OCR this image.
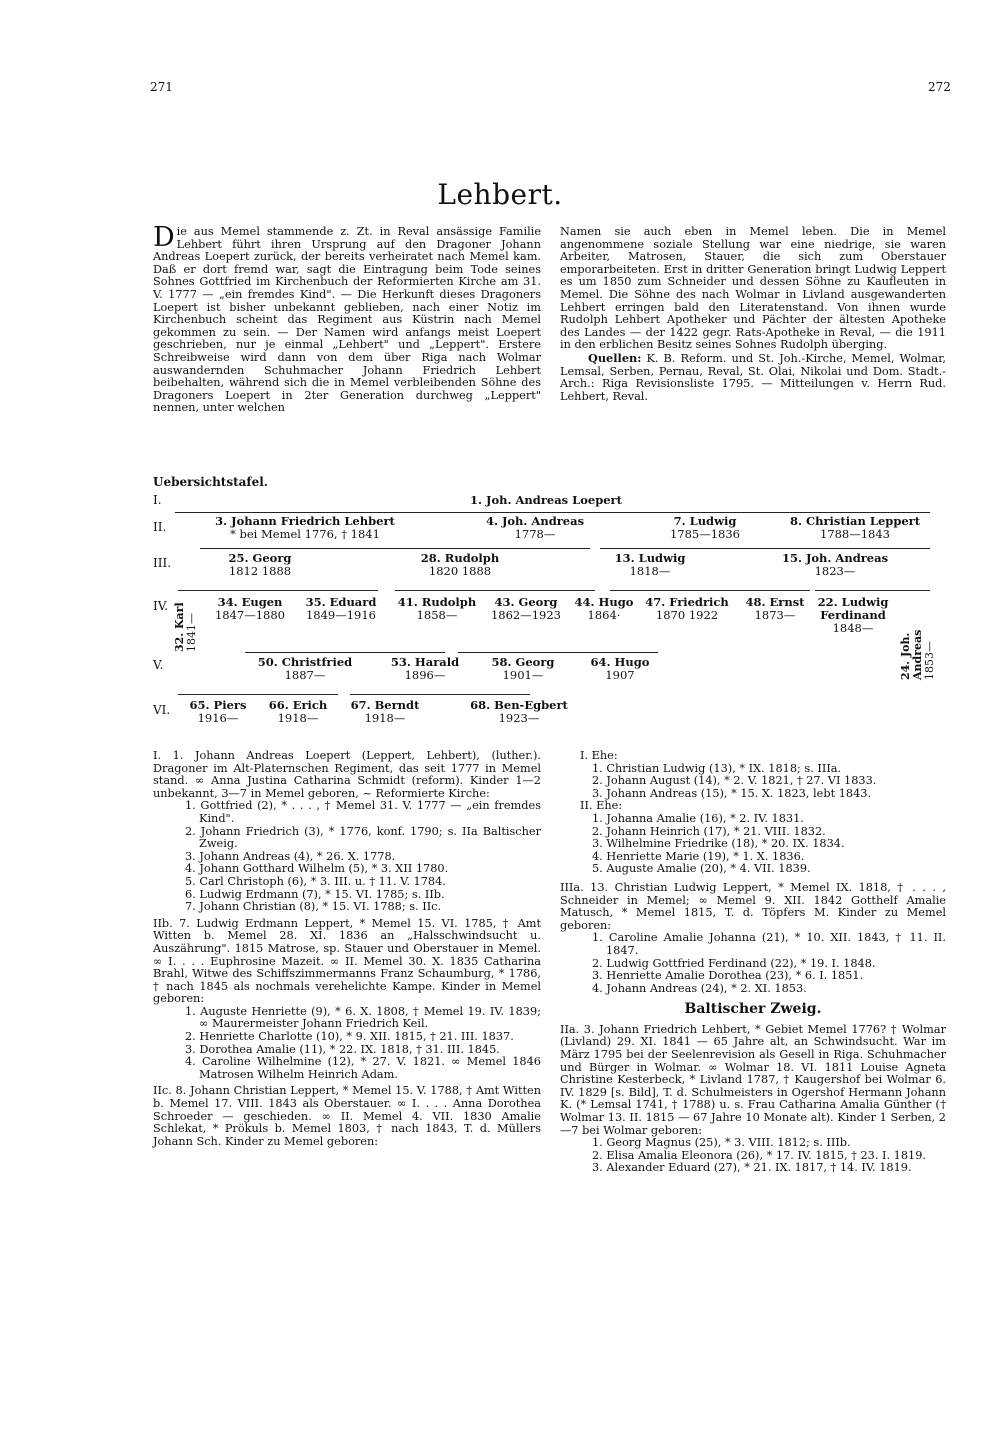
271	272
Lehbert.

Die aus Memel stammende z. Zt. in Reval ansässige Familie Lehbert führt ihren Ursprung auf den Dragoner Johann Andreas Loepert zurück, der bereits verheiratet nach Memel kam. Daß er dort fremd war, sagt die Eintragung beim Tode seines Sohnes Gottfried im Kirchenbuch der Reformierten Kirche am 31. V. 1777 — „ein fremdes Kind". — Die Herkunft dieses Dragoners Loepert ist bisher unbekannt geblieben, nach einer Notiz im Kirchenbuch scheint das Regiment aus Küstrin nach Memel gekommen zu sein. — Der Namen wird anfangs meist Loepert geschrieben, nur je einmal „Lehbert" und „Leppert". Erstere Schreibweise wird dann von dem über Riga nach Wolmar auswandernden Schuhmacher Johann Friedrich Lehbert beibehalten, während sich die in Memel verbleibenden Söhne des Dragoners Loepert in 2ter Generation durchweg „Leppert" nennen, unter welchen

Namen sie auch eben in Memel leben. Die in Memel angenommene soziale Stellung war eine niedrige, sie waren Arbeiter, Matrosen, Stauer, die sich zum Oberstauer emporarbeiteten. Erst in dritter Generation bringt Ludwig Leppert es um 1850 zum Schneider und dessen Söhne zu Kaufleuten in Memel. Die Söhne des nach Wolmar in Livland ausgewanderten Lehbert erringen bald den Literatenstand. Von ihnen wurde Rudolph Lehbert Apotheker und Pächter der ältesten Apotheke des Landes — der 1422 gegr. Rats-Apotheke in Reval, — die 1911 in den erblichen Besitz seines Sohnes Rudolph überging.

Quellen: K. B. Reform. und St. Joh.-Kirche, Memel, Wolmar, Lemsal, Serben, Pernau, Reval, St. Olai, Nikolai und Dom. Stadt.-Arch.: Riga Revisionsliste 1795. — Mitteilungen v. Herrn Rud. Lehbert, Reval.

Uebersichtstafel.
I.
II.
III.
IV.
V.
VI.
1. Joh. Andreas Loepert
3. Johann Friedrich Lehbert
* bei Memel 1776, † 1841
4. Joh. Andreas
1778—
7. Ludwig
1785—1836
8. Christian Leppert
1788—1843
25. Georg
1812 1888
28. Rudolph
1820 1888
13. Ludwig
1818—
15. Joh. Andreas
1823—
32. Karl 1841—
34. Eugen
1847—1880
35. Eduard
1849—1916
41. Rudolph
1858—
43. Georg
1862—1923
44. Hugo
1864·
47. Friedrich
1870 1922
48. Ernst
1873—
22. Ludwig Ferdinand
1848—
24. Joh. Andreas 1853—
50. Christfried
1887—
53. Harald
1896—
58. Georg
1901—
64. Hugo
1907
65. Piers
1916—
66. Erich
1918—
67. Berndt
1918—
68. Ben-Egbert
1923—

I. 1. Johann Andreas Loepert (Leppert, Lehbert), (luther.). Dragoner im Alt-Platernschen Regiment, das seit 1777 in Memel stand. ∞ Anna Justina Catharina Schmidt (reform). Kinder 1—2 unbekannt, 3—7 in Memel geboren, ~ Reformierte Kirche:

1. Gottfried (2), * . . . , † Memel 31. V. 1777 — „ein fremdes Kind".

2. Johann Friedrich (3), * 1776, konf. 1790; s. IIa Baltischer Zweig.

3. Johann Andreas (4), * 26. X. 1778.

4. Johann Gotthard Wilhelm (5), * 3. XII 1780.

5. Carl Christoph (6), * 3. III. u. † 11. V. 1784.

6. Ludwig Erdmann (7), * 15. VI. 1785; s. IIb.

7. Johann Christian (8), * 15. VI. 1788; s. IIc.

IIb. 7. Ludwig Erdmann Leppert, * Memel 15. VI. 1785, † Amt Witten b. Memel 28. XI. 1836 an „Halsschwindsucht u. Auszährung". 1815 Matrose, sp. Stauer und Oberstauer in Memel. ∞ I. . . . Euphrosine Mazeit. ∞ II. Memel 30. X. 1835 Catharina Brahl, Witwe des Schiffszimmermanns Franz Schaumburg, * 1786, † nach 1845 als nochmals verehelichte Kampe. Kinder in Memel geboren:

1. Auguste Henriette (9), * 6. X. 1808, † Memel 19. IV. 1839; ∞ Maurermeister Johann Friedrich Keil.

2. Henriette Charlotte (10), * 9. XII. 1815, † 21. III. 1837.

3. Dorothea Amalie (11), * 22. IX. 1818, † 31. III. 1845.

4. Caroline Wilhelmine (12), * 27. V. 1821. ∞ Memel 1846 Matrosen Wilhelm Heinrich Adam.

IIc. 8. Johann Christian Leppert, * Memel 15. V. 1788, † Amt Witten b. Memel 17. VIII. 1843 als Oberstauer. ∞ I. . . . Anna Dorothea Schroeder — geschieden. ∞ II. Memel 4. VII. 1830 Amalie Schlekat, * Prökuls b. Memel 1803, † nach 1843, T. d. Müllers Johann Sch. Kinder zu Memel geboren:

I. Ehe:

1. Christian Ludwig (13), * IX. 1818; s. IIIa.

2. Johann August (14), * 2. V. 1821, † 27. VI 1833.

3. Johann Andreas (15), * 15. X. 1823, lebt 1843.

II. Ehe:

1. Johanna Amalie (16), * 2. IV. 1831.

2. Johann Heinrich (17), * 21. VIII. 1832.

3. Wilhelmine Friedrike (18), * 20. IX. 1834.

4. Henriette Marie (19), * 1. X. 1836.

5. Auguste Amalie (20), * 4. VII. 1839.

IIIa. 13. Christian Ludwig Leppert, * Memel IX. 1818, † . . . , Schneider in Memel; ∞ Memel 9. XII. 1842 Gotthelf Amalie Matusch, * Memel 1815, T. d. Töpfers M. Kinder zu Memel geboren:

1. Caroline Amalie Johanna (21), * 10. XII. 1843, † 11. II. 1847.

2. Ludwig Gottfried Ferdinand (22), * 19. I. 1848.

3. Henriette Amalie Dorothea (23), * 6. I. 1851.

4. Johann Andreas (24), * 2. XI. 1853.

Baltischer Zweig.

IIa. 3. Johann Friedrich Lehbert, * Gebiet Memel 1776? † Wolmar (Livland) 29. XI. 1841 — 65 Jahre alt, an Schwindsucht. War im März 1795 bei der Seelenrevision als Gesell in Riga. Schuhmacher und Bürger in Wolmar. ∞ Wolmar 18. VI. 1811 Louise Agneta Christine Kesterbeck, * Livland 1787, † Kaugershof bei Wolmar 6. IV. 1829 [s. Bild], T. d. Schulmeisters in Ogershof Hermann Johann K. (* Lemsal 1741, † 1788) u. s. Frau Catharina Amalia Günther († Wolmar 13. II. 1815 — 67 Jahre 10 Monate alt). Kinder 1 Serben, 2—7 bei Wolmar geboren:

1. Georg Magnus (25), * 3. VIII. 1812; s. IIIb.

2. Elisa Amalia Eleonora (26), * 17. IV. 1815, † 23. I. 1819.

3. Alexander Eduard (27), * 21. IX. 1817, † 14. IV. 1819.
